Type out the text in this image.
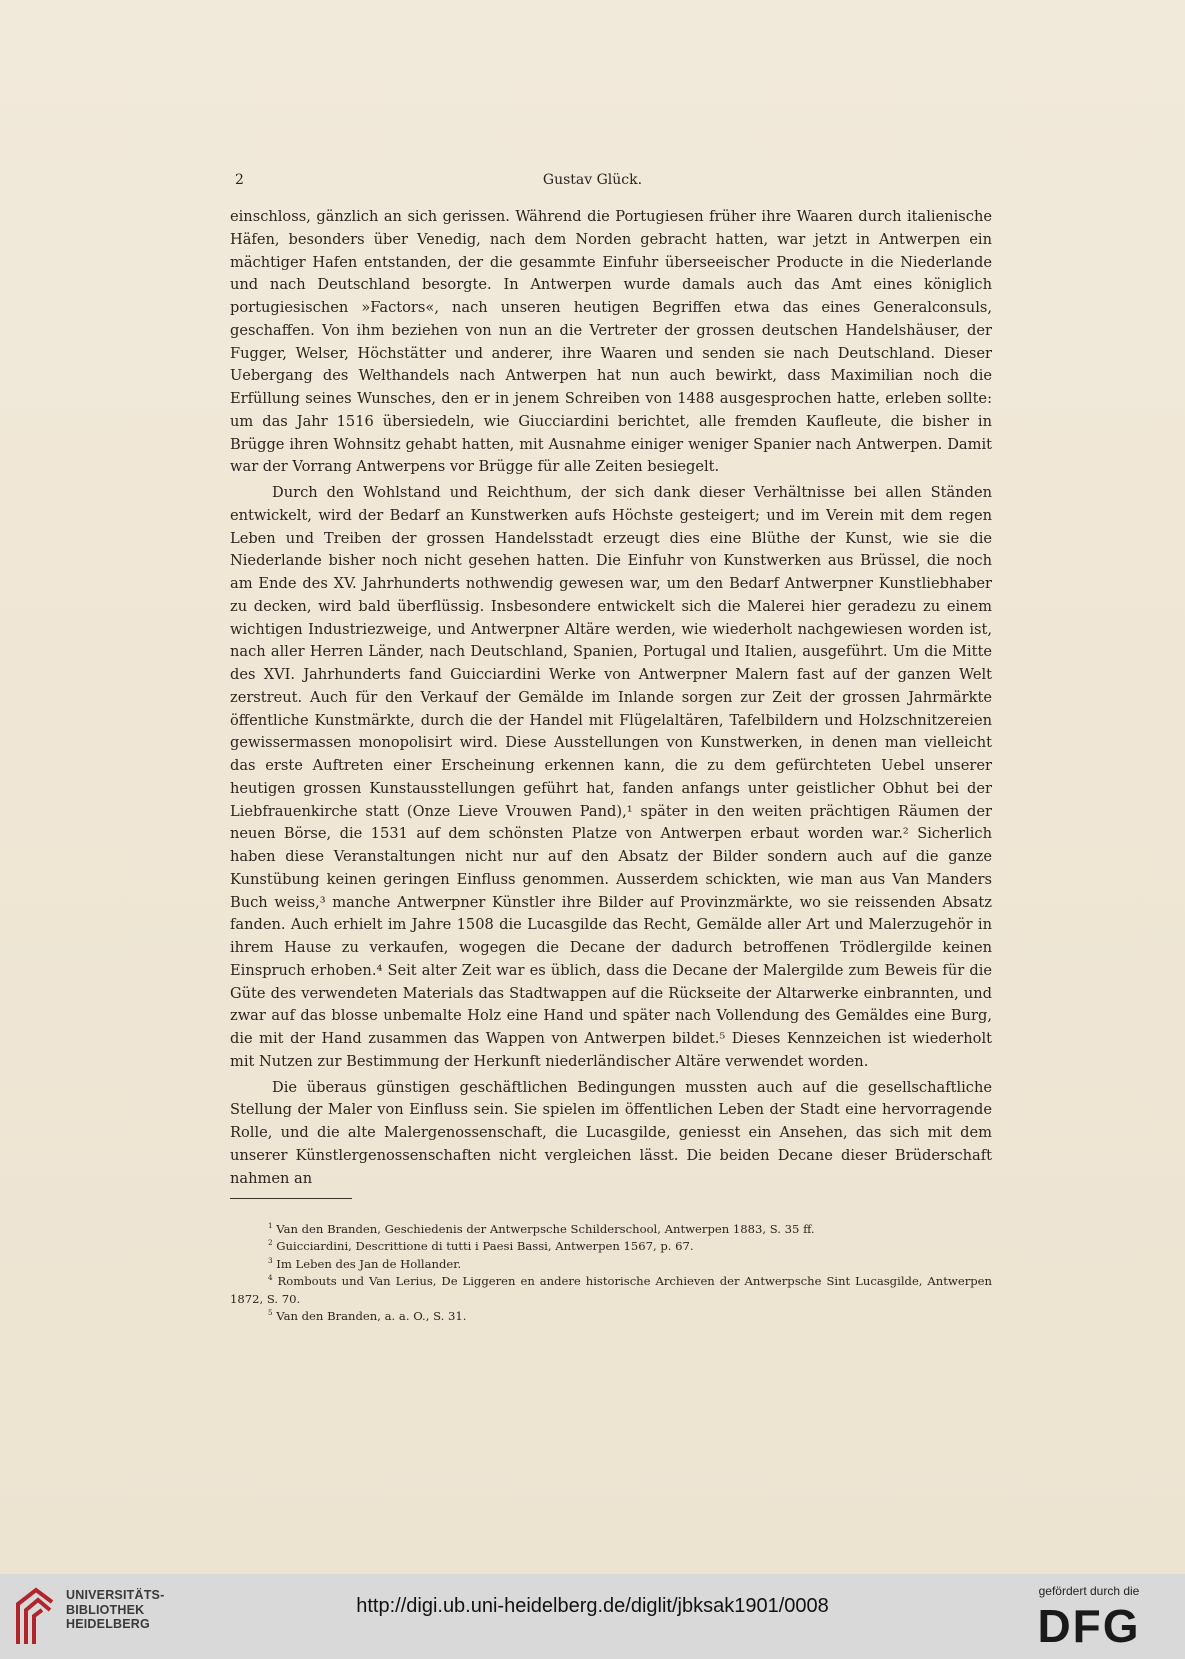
2	Gustav Glück.

einschloss, gänzlich an sich gerissen. Während die Portugiesen früher ihre Waaren durch italienische Häfen, besonders über Venedig, nach dem Norden gebracht hatten, war jetzt in Antwerpen ein mächtiger Hafen entstanden, der die gesammte Einfuhr überseeischer Producte in die Niederlande und nach Deutschland besorgte. In Antwerpen wurde damals auch das Amt eines königlich portugiesischen »Factors«, nach unseren heutigen Begriffen etwa das eines Generalconsuls, geschaffen. Von ihm beziehen von nun an die Vertreter der grossen deutschen Handelshäuser, der Fugger, Welser, Höchstätter und anderer, ihre Waaren und senden sie nach Deutschland. Dieser Uebergang des Welthandels nach Antwerpen hat nun auch bewirkt, dass Maximilian noch die Erfüllung seines Wunsches, den er in jenem Schreiben von 1488 ausgesprochen hatte, erleben sollte: um das Jahr 1516 übersiedeln, wie Giucciardini berichtet, alle fremden Kaufleute, die bisher in Brügge ihren Wohnsitz gehabt hatten, mit Ausnahme einiger weniger Spanier nach Antwerpen. Damit war der Vorrang Antwerpens vor Brügge für alle Zeiten besiegelt.

Durch den Wohlstand und Reichthum, der sich dank dieser Verhältnisse bei allen Ständen entwickelt, wird der Bedarf an Kunstwerken aufs Höchste gesteigert; und im Verein mit dem regen Leben und Treiben der grossen Handelsstadt erzeugt dies eine Blüthe der Kunst, wie sie die Niederlande bisher noch nicht gesehen hatten. Die Einfuhr von Kunstwerken aus Brüssel, die noch am Ende des XV. Jahrhunderts nothwendig gewesen war, um den Bedarf Antwerpner Kunstliebhaber zu decken, wird bald überflüssig. Insbesondere entwickelt sich die Malerei hier geradezu zu einem wichtigen Industriezweige, und Antwerpner Altäre werden, wie wiederholt nachgewiesen worden ist, nach aller Herren Länder, nach Deutschland, Spanien, Portugal und Italien, ausgeführt. Um die Mitte des XVI. Jahrhunderts fand Guicciardini Werke von Antwerpner Malern fast auf der ganzen Welt zerstreut. Auch für den Verkauf der Gemälde im Inlande sorgen zur Zeit der grossen Jahrmärkte öffentliche Kunstmärkte, durch die der Handel mit Flügelaltären, Tafelbildern und Holzschnitzereien gewissermassen monopolisirt wird. Diese Ausstellungen von Kunstwerken, in denen man vielleicht das erste Auftreten einer Erscheinung erkennen kann, die zu dem gefürchteten Uebel unserer heutigen grossen Kunstausstellungen geführt hat, fanden anfangs unter geistlicher Obhut bei der Liebfrauenkirche statt (Onze Lieve Vrouwen Pand),¹ später in den weiten prächtigen Räumen der neuen Börse, die 1531 auf dem schönsten Platze von Antwerpen erbaut worden war.² Sicherlich haben diese Veranstaltungen nicht nur auf den Absatz der Bilder sondern auch auf die ganze Kunstübung keinen geringen Einfluss genommen. Ausserdem schickten, wie man aus Van Manders Buch weiss,³ manche Antwerpner Künstler ihre Bilder auf Provinzmärkte, wo sie reissenden Absatz fanden. Auch erhielt im Jahre 1508 die Lucasgilde das Recht, Gemälde aller Art und Malerzugehör in ihrem Hause zu verkaufen, wogegen die Decane der dadurch betroffenen Trödlergilde keinen Einspruch erhoben.⁴ Seit alter Zeit war es üblich, dass die Decane der Malergilde zum Beweis für die Güte des verwendeten Materials das Stadtwappen auf die Rückseite der Altarwerke einbrannten, und zwar auf das blosse unbemalte Holz eine Hand und später nach Vollendung des Gemäldes eine Burg, die mit der Hand zusammen das Wappen von Antwerpen bildet.⁵ Dieses Kennzeichen ist wiederholt mit Nutzen zur Bestimmung der Herkunft niederländischer Altäre verwendet worden.

Die überaus günstigen geschäftlichen Bedingungen mussten auch auf die gesellschaftliche Stellung der Maler von Einfluss sein. Sie spielen im öffentlichen Leben der Stadt eine hervorragende Rolle, und die alte Malergenossenschaft, die Lucasgilde, geniesst ein Ansehen, das sich mit dem unserer Künstlergenossenschaften nicht vergleichen lässt. Die beiden Decane dieser Brüderschaft nahmen an

$^1$ Van den Branden, Geschiedenis der Antwerpsche Schilderschool, Antwerpen 1883, S. 35 ff.

$^2$ Guicciardini, Descrittione di tutti i Paesi Bassi, Antwerpen 1567, p. 67.

$^3$ Im Leben des Jan de Hollander.

$^4$ Rombouts und Van Lerius, De Liggeren en andere historische Archieven der Antwerpsche Sint Lucasgilde, Antwerpen 1872, S. 70.

$^5$ Van den Branden, a. a. O., S. 31.

UNIVERSITÄTS-
BIBLIOTHEK
HEIDELBERG
http://digi.ub.uni-heidelberg.de/diglit/jbksak1901/0008
gefördert durch die
DFG
